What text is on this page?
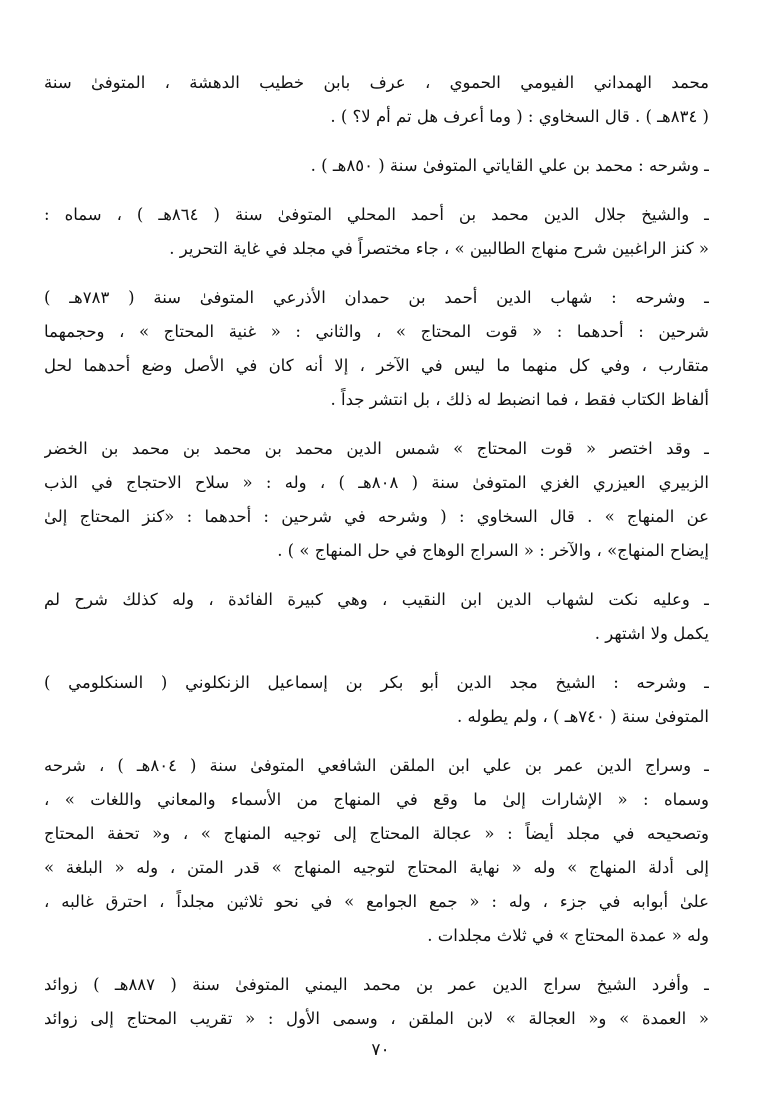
محمد الهمداني الفيومي الحموي ، عرف بابن خطيب الدهشة ، المتوفىٰ سنة
( ٨٣٤هـ ) . قال السخاوي : ( وما أعرف هل تم أم لا؟ ) .

ـ وشرحه : محمد بن علي القاياتي المتوفىٰ سنة ( ٨٥٠هـ ) .

ـ والشيخ جلال الدين محمد بن أحمد المحلي المتوفىٰ سنة ( ٨٦٤هـ ) ، سماه :
« كنز الراغبين شرح منهاج الطالبين » ، جاء مختصراً في مجلد في غاية التحرير .

ـ وشرحه : شهاب الدين أحمد بن حمدان الأذرعي المتوفىٰ سنة ( ٧٨٣هـ )
شرحين : أحدهما : « قوت المحتاج » ، والثاني : « غنية المحتاج » ، وحجمهما
متقارب ، وفي كل منهما ما ليس في الآخر ، إلا أنه كان في الأصل وضع أحدهما لحل
ألفاظ الكتاب فقط ، فما انضبط له ذلك ، بل انتشر جداً .

ـ وقد اختصر « قوت المحتاج » شمس الدين محمد بن محمد بن محمد بن الخضر
الزبيري العيزري الغزي المتوفىٰ سنة ( ٨٠٨هـ ) ، وله : « سلاح الاحتجاج في الذب
عن المنهاج » . قال السخاوي : ( وشرحه في شرحين : أحدهما : «كنز المحتاج إلىٰ
إيضاح المنهاج» ، والآخر : « السراج الوهاج في حل المنهاج » ) .

ـ وعليه نكت لشهاب الدين ابن النقيب ، وهي كبيرة الفائدة ، وله كذلك شرح لم
يكمل ولا اشتهر .

ـ وشرحه : الشيخ مجد الدين أبو بكر بن إسماعيل الزنكلوني ( السنكلومي )
المتوفىٰ سنة ( ٧٤٠هـ ) ، ولم يطوله .

ـ وسراج الدين عمر بن علي ابن الملقن الشافعي المتوفىٰ سنة ( ٨٠٤هـ ) ، شرحه
وسماه : « الإشارات إلىٰ ما وقع في المنهاج من الأسماء والمعاني واللغات » ،
وتصحيحه في مجلد أيضاً : « عجالة المحتاج إلى توجيه المنهاج » ، و« تحفة المحتاج
إلى أدلة المنهاج » وله « نهاية المحتاج لتوجيه المنهاج » قدر المتن ، وله « البلغة »
علىٰ أبوابه في جزء ، وله : « جمع الجوامع » في نحو ثلاثين مجلداً ، احترق غالبه ،
وله « عمدة المحتاج » في ثلاث مجلدات .

ـ وأفرد الشيخ سراج الدين عمر بن محمد اليمني المتوفىٰ سنة ( ٨٨٧هـ ) زوائد
« العمدة » و« العجالة » لابن الملقن ، وسمى الأول : « تقريب المحتاج إلى زوائد

٧٠
